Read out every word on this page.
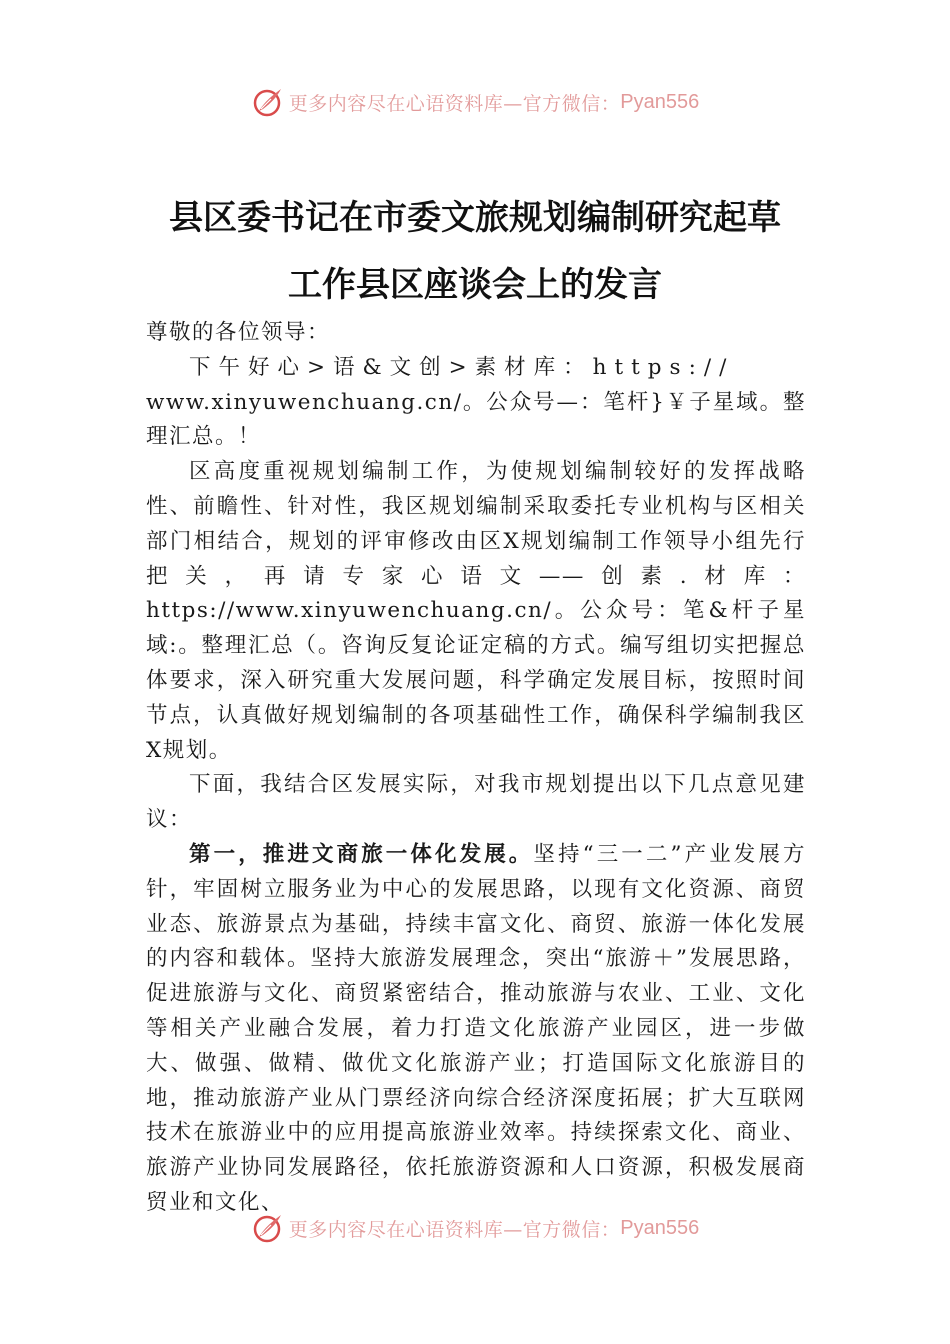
更多内容尽在心语资料库—官方微信： Pyan556
县区委书记在市委文旅规划编制研究起草
工作县区座谈会上的发言

尊敬的各位领导：

下午好心>语&文创>素材库：https://

www.xinyuwenchuang.cn/。公众号—：笔杆}￥子星域。整理汇总。！

区高度重视规划编制工作，为使规划编制较好的发挥战略性、前瞻性、针对性，我区规划编制采取委托专业机构与区相关部门相结合，规划的评审修改由区X规划编制工作领导小组先行把关，再请专家心语文——创素.材库：https://www.xinyuwenchuang.cn/。公众号：笔&杆子星域:。整理汇总（。咨询反复论证定稿的方式。编写组切实把握总体要求，深入研究重大发展问题，科学确定发展目标，按照时间节点，认真做好规划编制的各项基础性工作，确保科学编制我区X规划。

下面，我结合区发展实际，对我市规划提出以下几点意见建议：

第一，推进文商旅一体化发展。坚持“三一二”产业发展方针，牢固树立服务业为中心的发展思路，以现有文化资源、商贸业态、旅游景点为基础，持续丰富文化、商贸、旅游一体化发展的内容和载体。坚持大旅游发展理念，突出“旅游＋”发展思路，促进旅游与文化、商贸紧密结合，推动旅游与农业、工业、文化等相关产业融合发展，着力打造文化旅游产业园区，进一步做大、做强、做精、做优文化旅游产业；打造国际文化旅游目的地，推动旅游产业从门票经济向综合经济深度拓展；扩大互联网技术在旅游业中的应用提高旅游业效率。持续探索文化、商业、旅游产业协同发展路径，依托旅游资源和人口资源，积极发展商贸业和文化、

更多内容尽在心语资料库—官方微信： Pyan556
